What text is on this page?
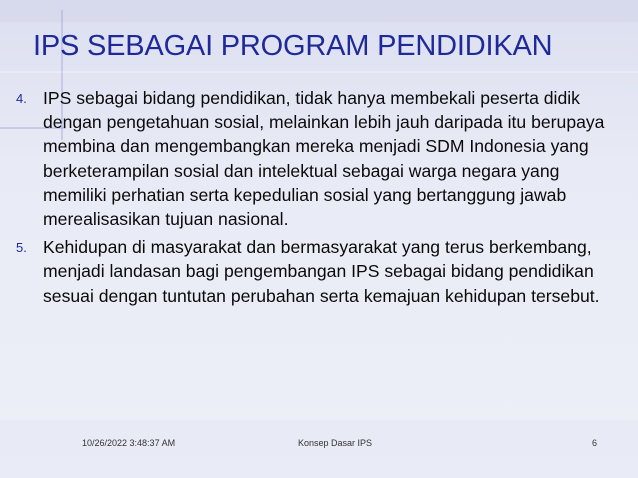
IPS SEBAGAI PROGRAM PENDIDIKAN
4. IPS sebagai bidang pendidikan, tidak hanya membekali peserta didik dengan pengetahuan sosial, melainkan lebih jauh daripada itu berupaya membina dan mengembangkan mereka menjadi SDM Indonesia yang berketerampilan sosial dan intelektual sebagai warga negara yang memiliki perhatian serta kepedulian sosial yang bertanggung jawab merealisasikan tujuan nasional.
5. Kehidupan di masyarakat dan bermasyarakat yang terus berkembang, menjadi landasan bagi pengembangan IPS sebagai bidang pendidikan sesuai dengan tuntutan perubahan serta kemajuan kehidupan tersebut.
10/26/2022 3:48:37 AM	Konsep Dasar IPS	6
